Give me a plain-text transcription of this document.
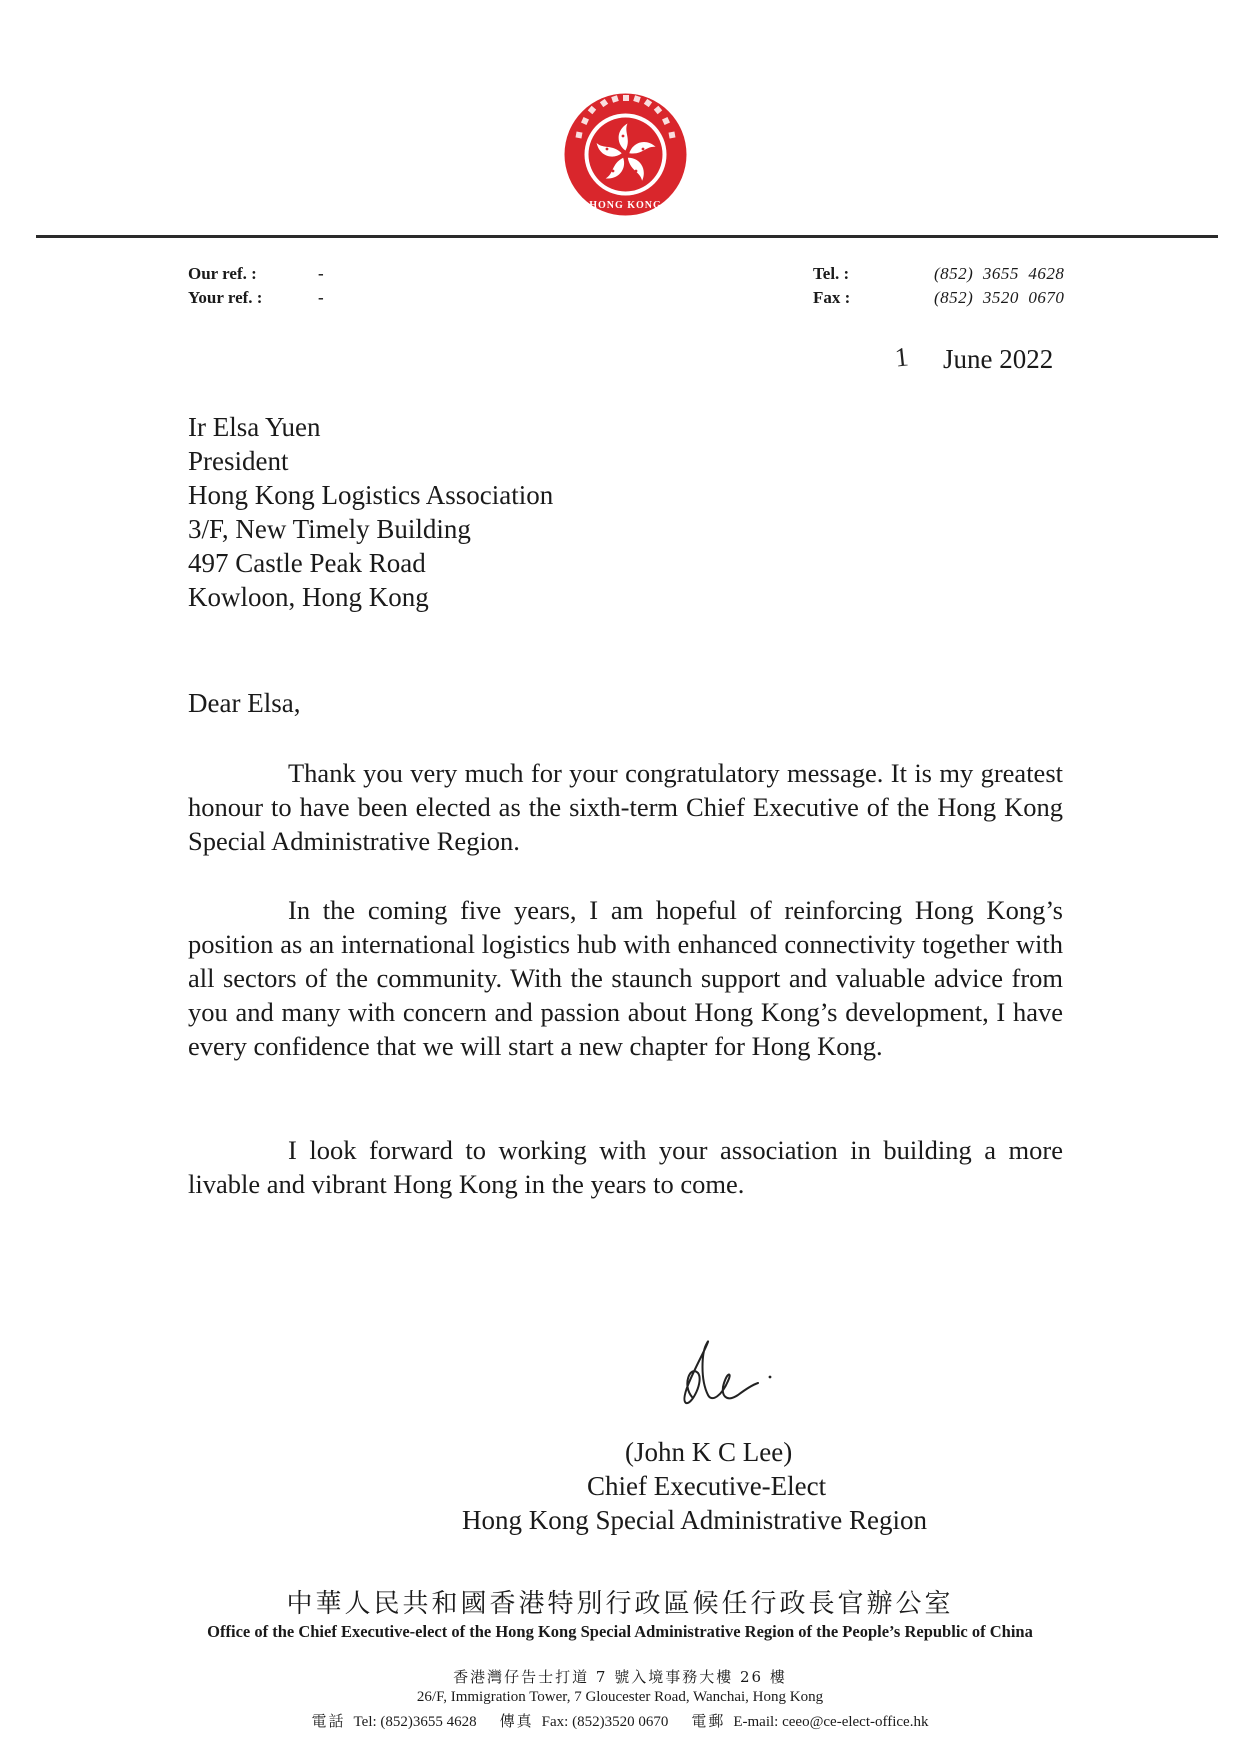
HONG KONG
Our ref. :	-
Your ref. :	-
Tel. :	(852)  3655  4628
Fax :	(852)  3520  0670
1 June 2022
Ir Elsa Yuen
President
Hong Kong Logistics Association
3/F, New Timely Building
497 Castle Peak Road
Kowloon, Hong Kong
Dear Elsa,

Thank you very much for your congratulatory message. It is my greatest honour to have been elected as the sixth-term Chief Executive of the Hong Kong Special Administrative Region.

In the coming five years, I am hopeful of reinforcing Hong Kong’s position as an international logistics hub with enhanced connectivity together with all sectors of the community. With the staunch support and valuable advice from you and many with concern and passion about Hong Kong’s development, I have every confidence that we will start a new chapter for Hong Kong.

I look forward to working with your association in building a more livable and vibrant Hong Kong in the years to come.

(John K C Lee)
Chief Executive-Elect
Hong Kong Special Administrative Region
中華人民共和國香港特別行政區候任行政長官辦公室
Office of the Chief Executive-elect of the Hong Kong Special Administrative Region of the People’s Republic of China
香港灣仔告士打道 7 號入境事務大樓 26 樓
26/F, Immigration Tower, 7 Gloucester Road, Wanchai, Hong Kong
電話 Tel: (852)3655 4628 傳真 Fax: (852)3520 0670 電郵 E-mail: ceeo@ce-elect-office.hk
